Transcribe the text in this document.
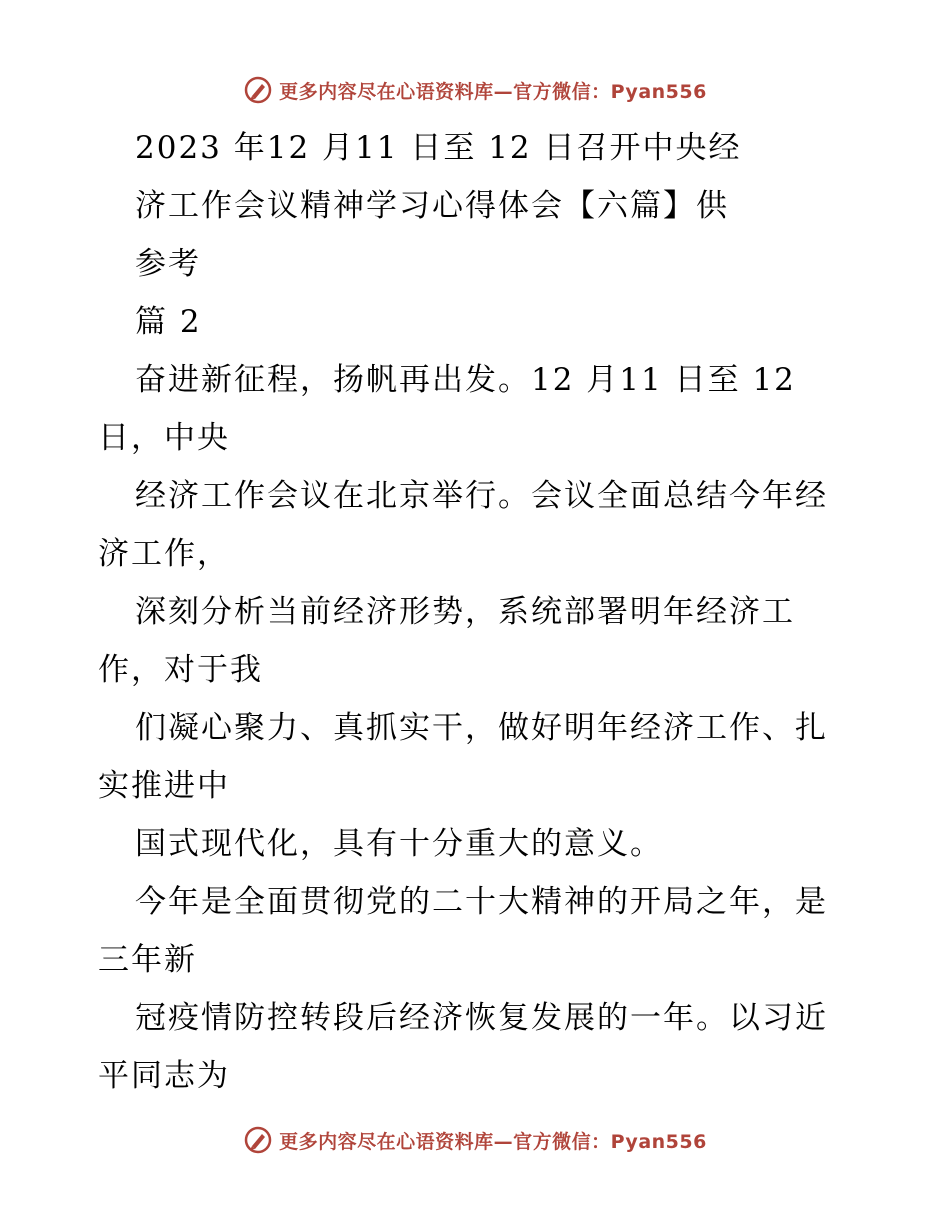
更多内容尽在心语资料库—官方微信：Pyan556
2023 年12 月11 日至 12 日召开中央经
济工作会议精神学习心得体会【六篇】供
参考
篇 2
奋进新征程，扬帆再出发。12 月11 日至 12
日，中央
经济工作会议在北京举行。会议全面总结今年经
济工作，
深刻分析当前经济形势，系统部署明年经济工
作，对于我
们凝心聚力、真抓实干，做好明年经济工作、扎
实推进中
国式现代化，具有十分重大的意义。
今年是全面贯彻党的二十大精神的开局之年，是
三年新
冠疫情防控转段后经济恢复发展的一年。以习近
平同志为
更多内容尽在心语资料库—官方微信：Pyan556
